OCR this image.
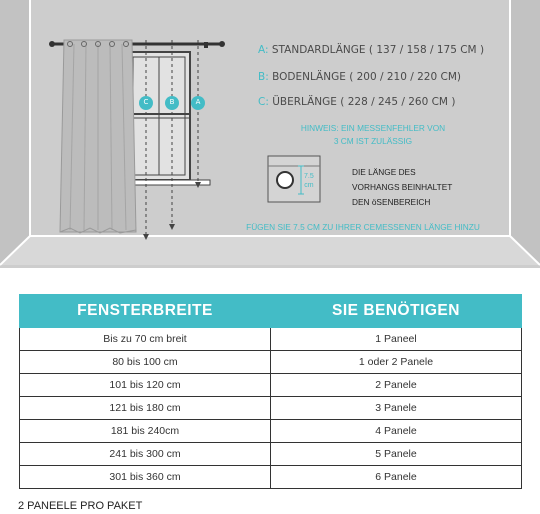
C	B	A
A: STANDARDLÄNGE ( 137 / 158 / 175 CM )
B: BODENLÄNGE ( 200 / 210 / 220 CM)
C: ÜBERLÄNGE ( 228 / 245 / 260 CM )
HINWEIS: EIN MESSENFEHLER VON
3 CM IST ZULÄSSIG
7.5
cm
DIE LÄNGE DES
VORHANGS BEINHALTET
DEN öSENBEREICH
FÜGEN SIE 7.5 CM ZU IHRER CEMESSENEN LÄNGE HINZU
FENSTERBREITE	SIE BENÖTIGEN
Bis zu 70 cm breit	1 Paneel
80 bis 100 cm	1 oder 2 Panele
101 bis 120 cm	2 Panele
121 bis 180 cm	3 Panele
181 bis 240cm	4 Panele
241 bis 300 cm	5 Panele
301 bis 360 cm	6 Panele
2 PANEELE PRO PAKET
